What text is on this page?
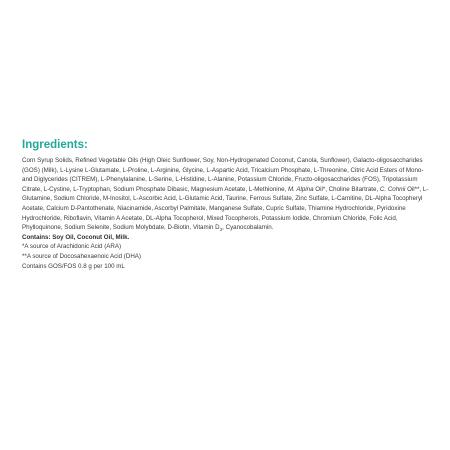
Ingredients:

Corn Syrup Solids, Refined Vegetable Oils (High Oleic Sunflower, Soy, Non-Hydrogenated Coconut, Canola, Sunflower), Galacto-oligosaccharides (GOS) (Milk), L-Lysine L-Glutamate, L-Proline, L-Arginine, Glycine, L-Aspartic Acid, Tricalcium Phosphate, L-Threonine, Citric Acid Esters of Mono- and Diglycerides (CITREM), L-Phenylalanine, L-Serine, L-Histidine, L-Alanine, Potassium Chloride, Fructo-oligosaccharides (FOS), Tripotassium Citrate, L-Cystine, L-Tryptophan, Sodium Phosphate Dibasic, Magnesium Acetate, L-Methionine, M. Alpina Oil*, Choline Bitartrate, C. Cohnii Oil**, L-Glutamine, Sodium Chloride, M-Inositol, L-Ascorbic Acid, L-Glutamic Acid, Taurine, Ferrous Sulfate, Zinc Sulfate, L-Carnitine, DL-Alpha Tocopheryl Acetate, Calcium D-Pantothenate, Niacinamide, Ascorbyl Palmitate, Manganese Sulfate, Cupric Sulfate, Thiamine Hydrochloride, Pyridoxine Hydrochloride, Riboflavin, Vitamin A Acetate, DL-Alpha Tocopherol, Mixed Tocopherols, Potassium Iodide, Chromium Chloride, Folic Acid, Phylloquinone, Sodium Selenite, Sodium Molybdate, D-Biotin, Vitamin $D_3$, Cyanocobalamin.

Contains: Soy Oil, Coconut Oil, Milk.

*A source of Arachidonic Acid (ARA)

**A source of Docosahexaenoic Acid (DHA)

Contains GOS/FOS 0.8 g per 100 mL
